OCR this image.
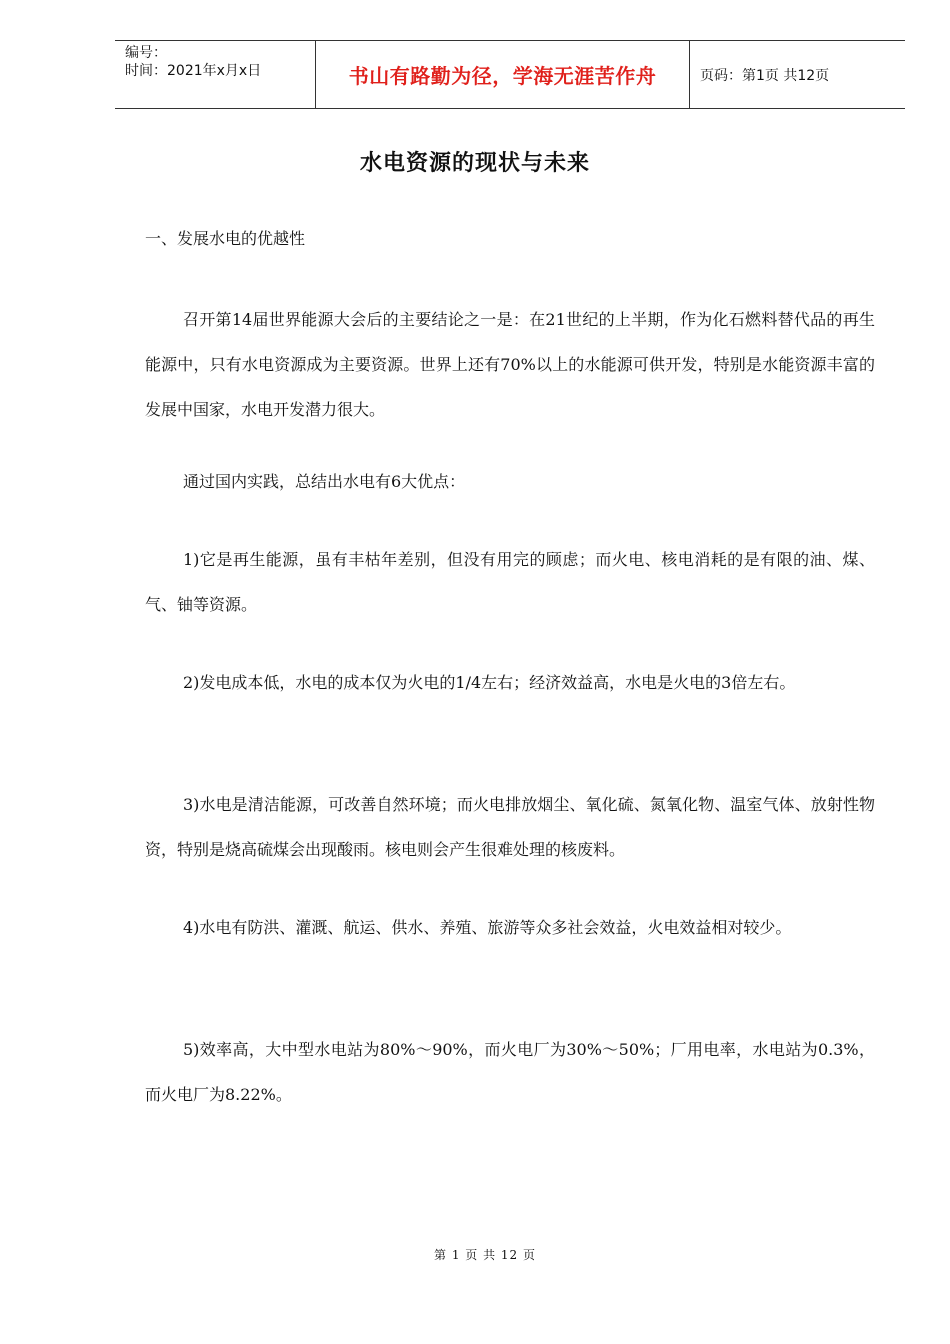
编号：
时间：2021年x月x日	书山有路勤为径，学海无涯苦作舟	页码：第1页 共12页
水电资源的现状与未来
一、发展水电的优越性

召开第14届世界能源大会后的主要结论之一是：在21世纪的上半期，作为化石燃料替代品的再生能源中，只有水电资源成为主要资源。世界上还有70%以上的水能源可供开发，特别是水能资源丰富的发展中国家，水电开发潜力很大。

通过国内实践，总结出水电有6大优点：

1)它是再生能源，虽有丰枯年差别，但没有用完的顾虑；而火电、核电消耗的是有限的油、煤、气、铀等资源。

2)发电成本低，水电的成本仅为火电的1/4左右；经济效益高，水电是火电的3倍左右。

3)水电是清洁能源，可改善自然环境；而火电排放烟尘、氧化硫、氮氧化物、温室气体、放射性物资，特别是烧高硫煤会出现酸雨。核电则会产生很难处理的核废料。

4)水电有防洪、灌溉、航运、供水、养殖、旅游等众多社会效益，火电效益相对较少。

5)效率高，大中型水电站为80%～90%，而火电厂为30%～50%；厂用电率，水电站为0.3%，而火电厂为8.22%。

第 1 页 共 12 页
